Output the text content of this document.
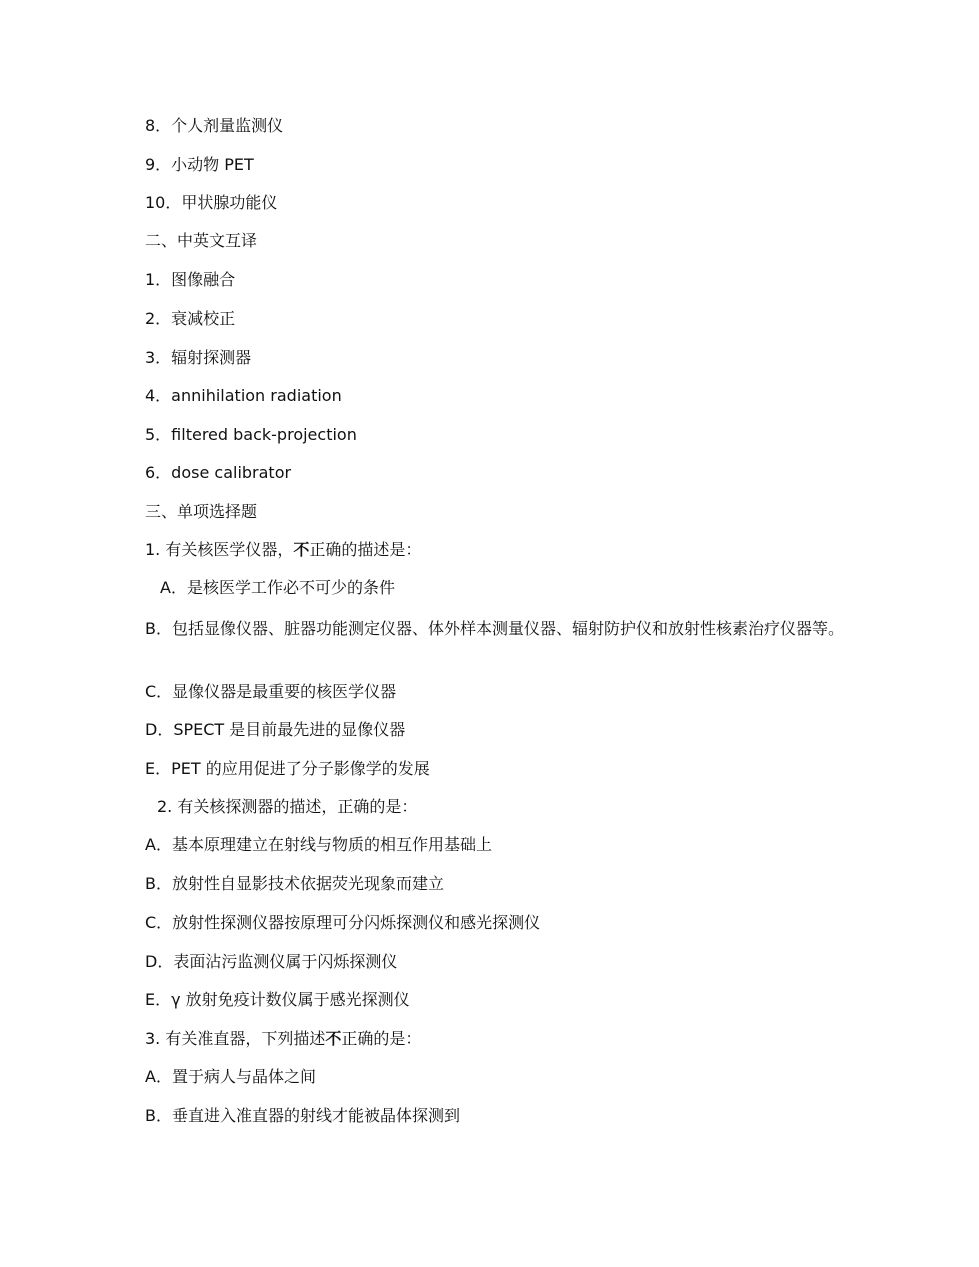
8．个人剂量监测仪
9．小动物 PET
10．甲状腺功能仪
二、中英文互译
1．图像融合
2．衰减校正
3．辐射探测器
4．annihilation radiation
5．filtered back-projection
6．dose calibrator
三、单项选择题
1. 有关核医学仪器，不正确的描述是：
A．是核医学工作必不可少的条件
B．包括显像仪器、脏器功能测定仪器、体外样本测量仪器、辐射防护仪和放射性核素治疗仪器等。
C．显像仪器是最重要的核医学仪器
D．SPECT 是目前最先进的显像仪器
E．PET 的应用促进了分子影像学的发展
2. 有关核探测器的描述，正确的是：
A．基本原理建立在射线与物质的相互作用基础上
B．放射性自显影技术依据荧光现象而建立
C．放射性探测仪器按原理可分闪烁探测仪和感光探测仪
D．表面沾污监测仪属于闪烁探测仪
E．γ 放射免疫计数仪属于感光探测仪
3. 有关准直器，下列描述不正确的是：
A．置于病人与晶体之间
B．垂直进入准直器的射线才能被晶体探测到
